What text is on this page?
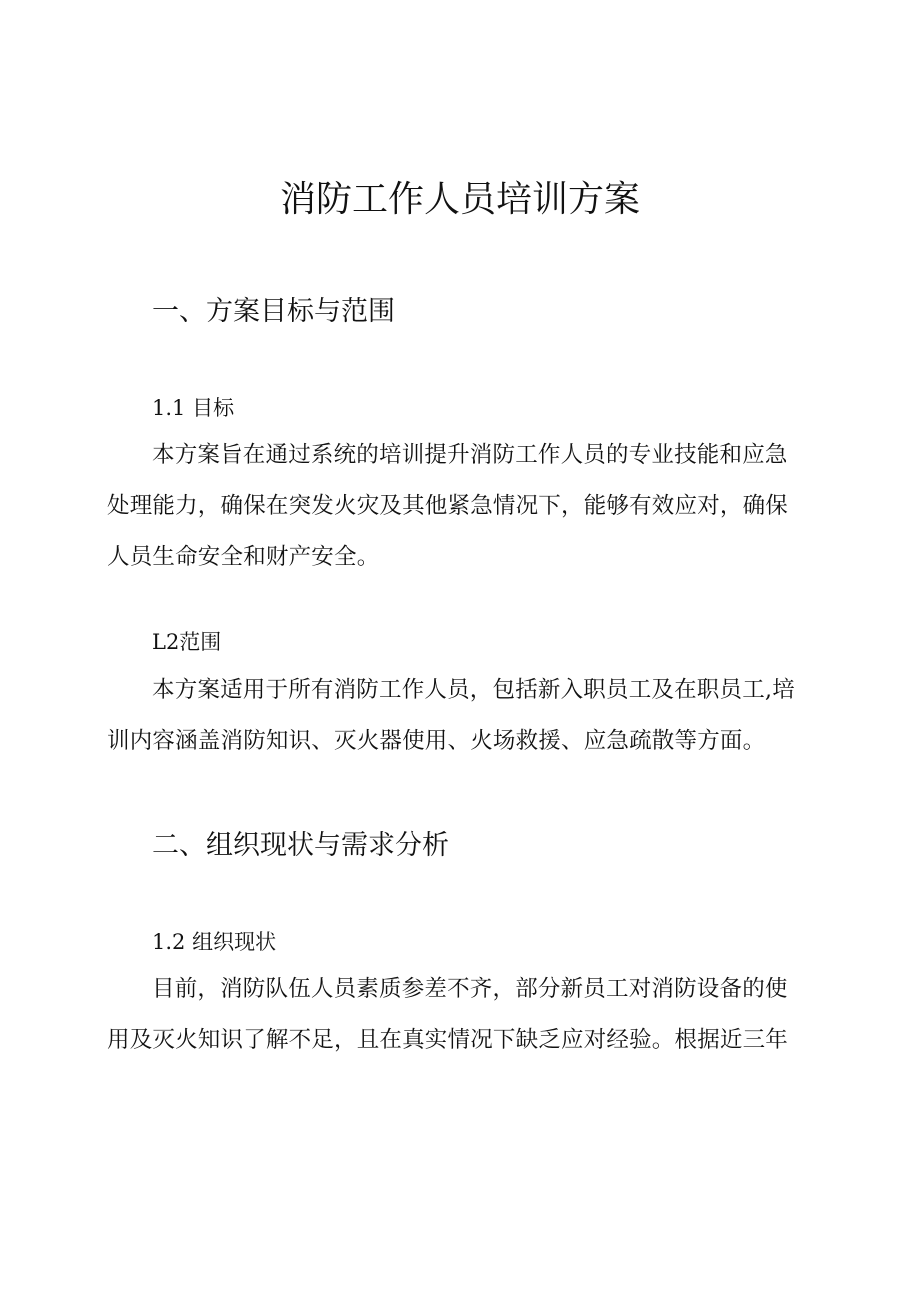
消防工作人员培训方案
一、方案目标与范围
1.1 目标
本方案旨在通过系统的培训提升消防工作人员的专业技能和应急
处理能力，确保在突发火灾及其他紧急情况下，能够有效应对，确保
人员生命安全和财产安全。
L2范围
本方案适用于所有消防工作人员，包括新入职员工及在职员工,培
训内容涵盖消防知识、灭火器使用、火场救援、应急疏散等方面。
二、组织现状与需求分析
1.2 组织现状
目前，消防队伍人员素质参差不齐，部分新员工对消防设备的使
用及灭火知识了解不足，且在真实情况下缺乏应对经验。根据近三年
